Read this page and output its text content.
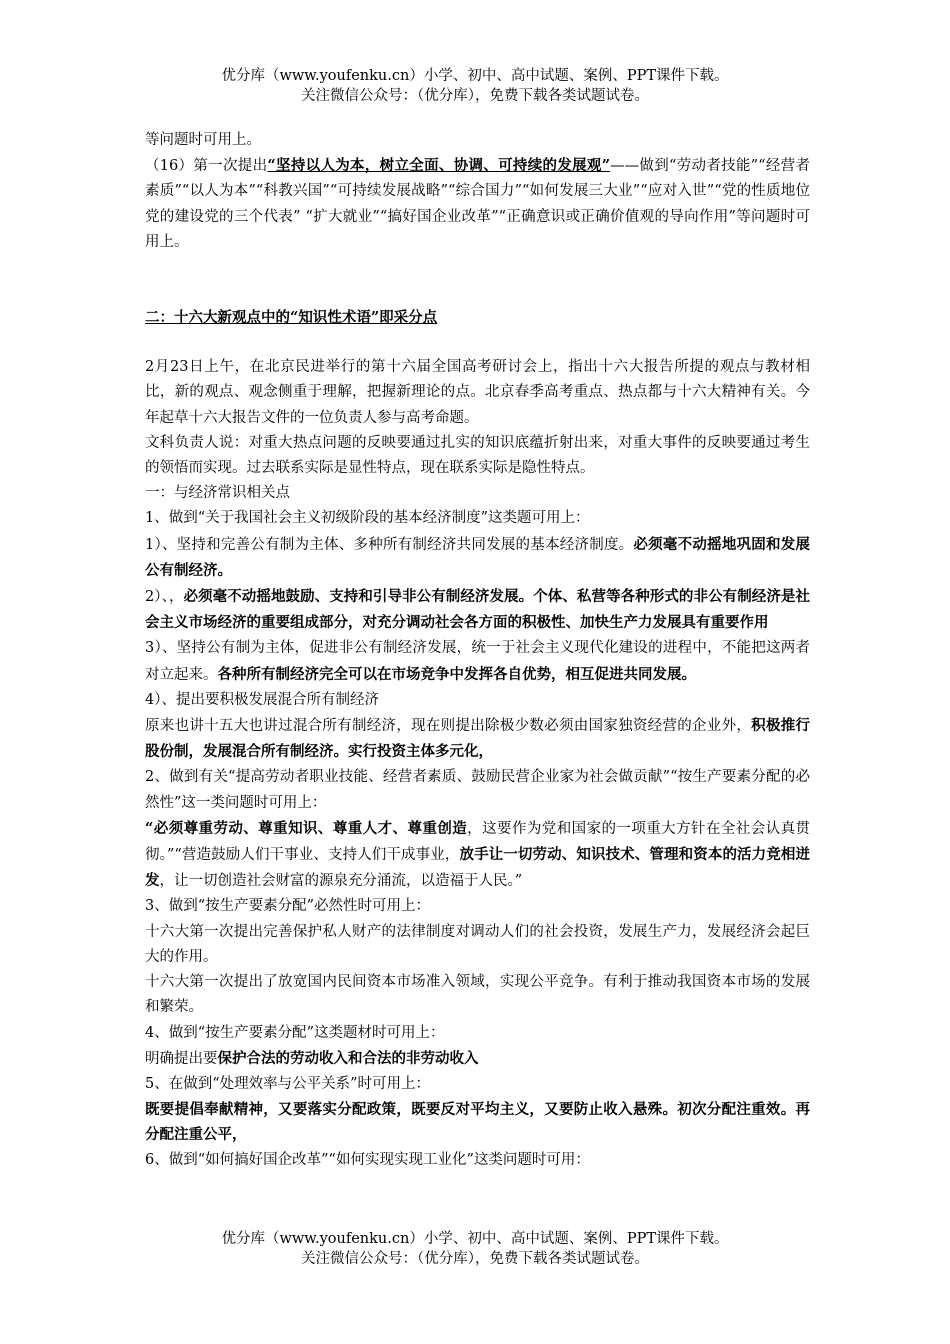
优分库（www.youfenku.cn）小学、初中、高中试题、案例、PPT课件下载。
关注微信公众号：（优分库），免费下载各类试题试卷。

等问题时可用上。

（16）第一次提出“坚持以人为本，树立全面、协调、可持续的发展观”——做到“劳动者技能”“经营者素质”“以人为本”“科教兴国”“可持续发展战略”“综合国力”“如何发展三大业”“应对入世”“党的性质地位党的建设党的三个代表” “扩大就业”“搞好国企业改革”“正确意识或正确价值观的导向作用”等问题时可用上。

二：十六大新观点中的“知识性术语”即采分点

2月23日上午，在北京民进举行的第十六届全国高考研讨会上，指出十六大报告所提的观点与教材相比，新的观点、观念侧重于理解，把握新理论的点。北京春季高考重点、热点都与十六大精神有关。今年起草十六大报告文件的一位负责人参与高考命题。

文科负责人说：对重大热点问题的反映要通过扎实的知识底蕴折射出来，对重大事件的反映要通过考生的领悟而实现。过去联系实际是显性特点，现在联系实际是隐性特点。

一：与经济常识相关点

1、做到“关于我国社会主义初级阶段的基本经济制度”这类题可用上：

1）、坚持和完善公有制为主体、多种所有制经济共同发展的基本经济制度。必须毫不动摇地巩固和发展公有制经济。

2）、，必须毫不动摇地鼓励、支持和引导非公有制经济发展。个体、私营等各种形式的非公有制经济是社会主义市场经济的重要组成部分，对充分调动社会各方面的积极性、加快生产力发展具有重要作用

3）、坚持公有制为主体，促进非公有制经济发展，统一于社会主义现代化建设的进程中，不能把这两者对立起来。各种所有制经济完全可以在市场竞争中发挥各自优势，相互促进共同发展。

4）、提出要积极发展混合所有制经济

原来也讲十五大也讲过混合所有制经济，现在则提出除极少数必须由国家独资经营的企业外，积极推行股份制，发展混合所有制经济。实行投资主体多元化，

2、做到有关“提高劳动者职业技能、经营者素质、鼓励民营企业家为社会做贡献”“按生产要素分配的必然性”这一类问题时可用上：

“必须尊重劳动、尊重知识、尊重人才、尊重创造，这要作为党和国家的一项重大方针在全社会认真贯彻。”“营造鼓励人们干事业、支持人们干成事业，放手让一切劳动、知识技术、管理和资本的活力竞相迸发，让一切创造社会财富的源泉充分涌流，以造福于人民。”

3、做到“按生产要素分配”必然性时可用上：

十六大第一次提出完善保护私人财产的法律制度对调动人们的社会投资，发展生产力，发展经济会起巨大的作用。

十六大第一次提出了放宽国内民间资本市场准入领域，实现公平竞争。有利于推动我国资本市场的发展和繁荣。

4、做到“按生产要素分配”这类题材时可用上：

明确提出要保护合法的劳动收入和合法的非劳动收入

5、在做到“处理效率与公平关系”时可用上：

既要提倡奉献精神，又要落实分配政策，既要反对平均主义，又要防止收入悬殊。初次分配注重效。再分配注重公平，

6、做到“如何搞好国企改革”“如何实现实现工业化”这类问题时可用：

优分库（www.youfenku.cn）小学、初中、高中试题、案例、PPT课件下载。
关注微信公众号：（优分库），免费下载各类试题试卷。
